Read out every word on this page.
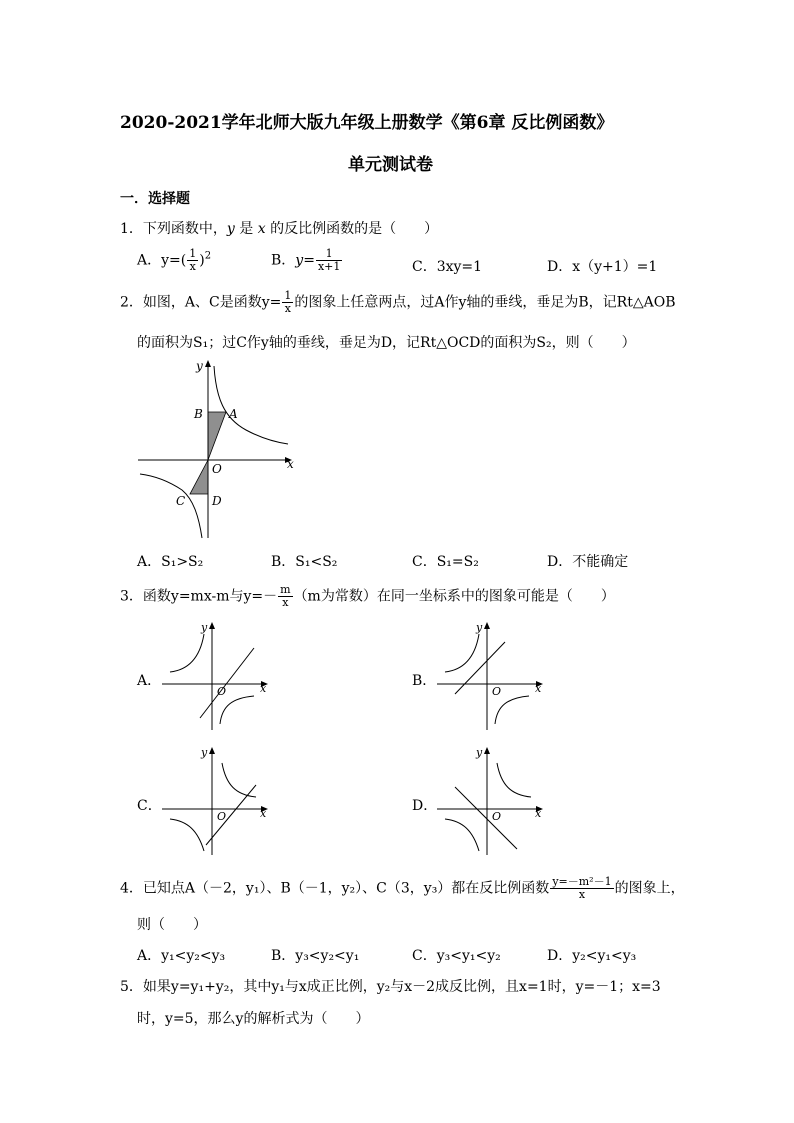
2020-2021学年北师大版九年级上册数学《第6章 反比例函数》
单元测试卷
一．选择题
1．下列函数中，y 是 x 的反比例函数的是（　　）
A．$y=( \frac{1}{x} )^2$	B．$y= \frac{1}{x+1}$	C．3xy=1	D．x（y+1）=1
2．如图，A、C是函数$y= \frac{1}{x}$ 的图象上任意两点，过A作y轴的垂线，垂足为B，记Rt△AOB
的面积为S₁；过C作y轴的垂线，垂足为D，记Rt△OCD的面积为S₂，则（　　）
y
x
O
A
B
C D
A．S₁>S₂	B．S₁<S₂	C．S₁=S₂	D．不能确定
3．函数y=mx-m与$y=- \frac{m}{x} (m$为常数）在同一坐标系中的图象可能是（　　）
A．
y
x
O
B．
y
x
O
C．
y
x
O
D．
y
x
O
4．已知点A（－2，y₁）、B（－1，y₂）、C（3，y₃）都在反比例函数 $\frac{\text{y=－m²－1}}{x}$ 的图象上，
则（　　）
A．y₁<y₂<y₃	B．y₃<y₂<y₁	C．y₃<y₁<y₂	D．y₂<y₁<y₃
5．如果y=y₁+y₂，其中y₁与x成正比例，y₂与x－2成反比例，且x=1时，y=－1；x=3
时，y=5，那么y的解析式为（　　）
